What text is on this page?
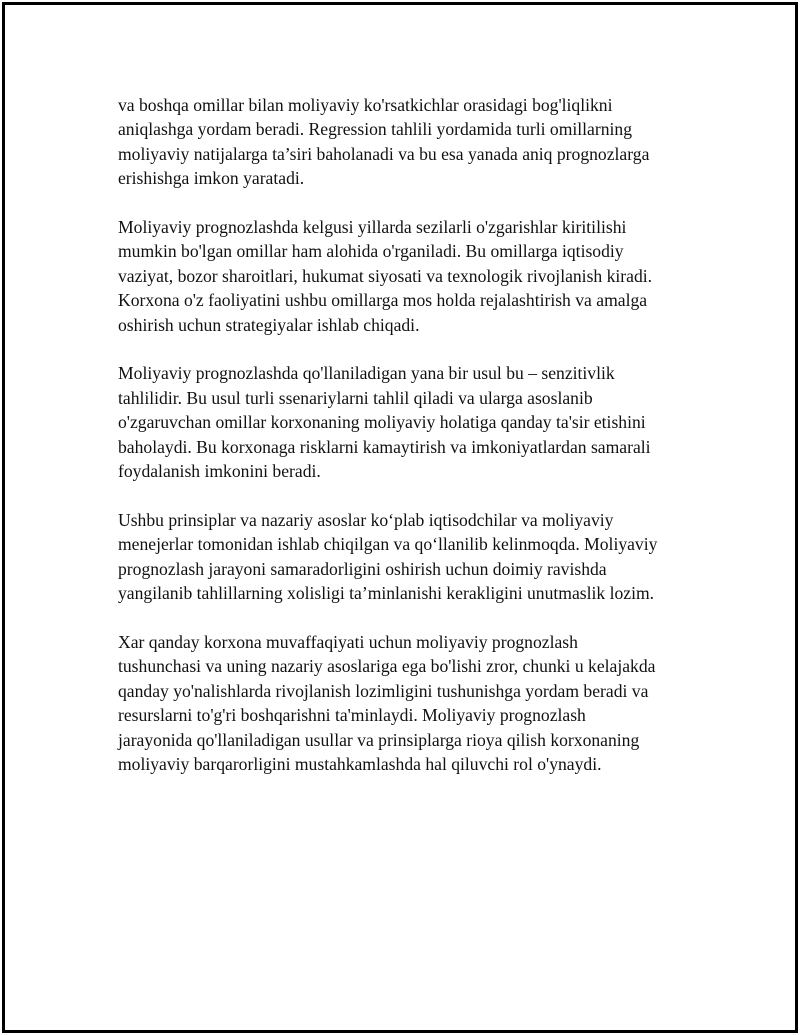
va boshqa omillar bilan moliyaviy ko'rsatkichlar orasidagi bog'liqlikni
aniqlashga yordam beradi. Regression tahlili yordamida turli omillarning
moliyaviy natijalarga ta’siri baholanadi va bu esa yanada aniq prognozlarga
erishishga imkon yaratadi.

Moliyaviy prognozlashda kelgusi yillarda sezilarli o'zgarishlar kiritilishi
mumkin bo'lgan omillar ham alohida o'rganiladi. Bu omillarga iqtisodiy
vaziyat, bozor sharoitlari, hukumat siyosati va texnologik rivojlanish kiradi.
Korxona o'z faoliyatini ushbu omillarga mos holda rejalashtirish va amalga
oshirish uchun strategiyalar ishlab chiqadi.

Moliyaviy prognozlashda qo'llaniladigan yana bir usul bu – senzitivlik
tahlilidir. Bu usul turli ssenariylarni tahlil qiladi va ularga asoslanib
o'zgaruvchan omillar korxonaning moliyaviy holatiga qanday ta'sir etishini
baholaydi. Bu korxonaga risklarni kamaytirish va imkoniyatlardan samarali
foydalanish imkonini beradi.

Ushbu prinsiplar va nazariy asoslar ko‘plab iqtisodchilar va moliyaviy
menejerlar tomonidan ishlab chiqilgan va qo‘llanilib kelinmoqda. Moliyaviy
prognozlash jarayoni samaradorligini oshirish uchun doimiy ravishda
yangilanib tahlillarning xolisligi ta’minlanishi kerakligini unutmaslik lozim.

Xar qanday korxona muvaffaqiyati uchun moliyaviy prognozlash
tushunchasi va uning nazariy asoslariga ega bo'lishi zror, chunki u kelajakda
qanday yo'nalishlarda rivojlanish lozimligini tushunishga yordam beradi va
resurslarni to'g'ri boshqarishni ta'minlaydi. Moliyaviy prognozlash
jarayonida qo'llaniladigan usullar va prinsiplarga rioya qilish korxonaning
moliyaviy barqarorligini mustahkamlashda hal qiluvchi rol o'ynaydi.
